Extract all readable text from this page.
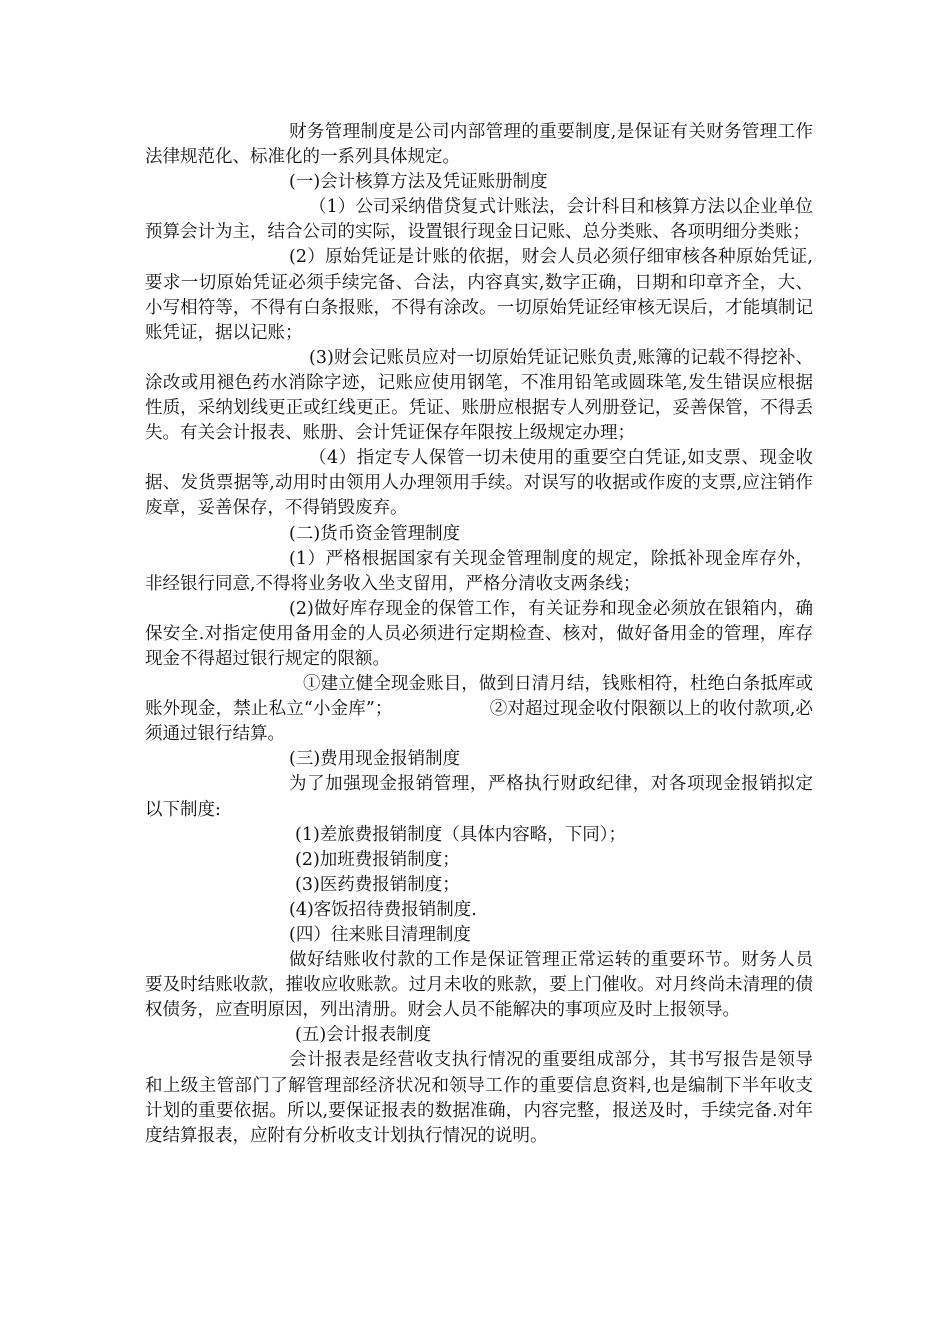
财务管理制度是公司内部管理的重要制度,是保证有关财务管理工作法律规范化、标准化的一系列具体规定。

(一)会计核算方法及凭证账册制度

（1）公司采纳借贷复式计账法，会计科目和核算方法以企业单位预算会计为主，结合公司的实际，设置银行现金日记账、总分类账、各项明细分类账；

(2）原始凭证是计账的依据，财会人员必须仔细审核各种原始凭证,要求一切原始凭证必须手续完备、合法，内容真实,数字正确，日期和印章齐全，大、小写相符等，不得有白条报账，不得有涂改。一切原始凭证经审核无误后，才能填制记账凭证，据以记账；

(3)财会记账员应对一切原始凭证记账负责,账簿的记载不得挖补、涂改或用褪色药水消除字迹，记账应使用钢笔，不准用铅笔或圆珠笔,发生错误应根据性质，采纳划线更正或红线更正。凭证、账册应根据专人列册登记，妥善保管，不得丢失。有关会计报表、账册、会计凭证保存年限按上级规定办理；

（4）指定专人保管一切未使用的重要空白凭证,如支票、现金收据、发货票据等,动用时由领用人办理领用手续。对误写的收据或作废的支票,应注销作废章，妥善保存，不得销毁废弃。

(二)货币资金管理制度

(1）严格根据国家有关现金管理制度的规定，除抵补现金库存外，非经银行同意,不得将业务收入坐支留用，严格分清收支两条线；

(2)做好库存现金的保管工作，有关证券和现金必须放在银箱内，确保安全.对指定使用备用金的人员必须进行定期检查、核对，做好备用金的管理，库存现金不得超过银行规定的限额。

①建立健全现金账目，做到日清月结，钱账相符，杜绝白条抵库或账外现金，禁止私立“小金库”；　　　　　　②对超过现金收付限额以上的收付款项,必须通过银行结算。

(三)费用现金报销制度

为了加强现金报销管理，严格执行财政纪律，对各项现金报销拟定以下制度:

(1)差旅费报销制度（具体内容略，下同）；

(2)加班费报销制度；

(3)医药费报销制度；

(4)客饭招待费报销制度.

(四）往来账目清理制度

做好结账收付款的工作是保证管理正常运转的重要环节。财务人员要及时结账收款，摧收应收账款。过月未收的账款，要上门催收。对月终尚未清理的债权债务，应查明原因，列出清册。财会人员不能解决的事项应及时上报领导。

(五)会计报表制度

会计报表是经营收支执行情况的重要组成部分，其书写报告是领导和上级主管部门了解管理部经济状况和领导工作的重要信息资料,也是编制下半年收支计划的重要依据。所以,要保证报表的数据准确，内容完整，报送及时，手续完备.对年度结算报表，应附有分析收支计划执行情况的说明。
